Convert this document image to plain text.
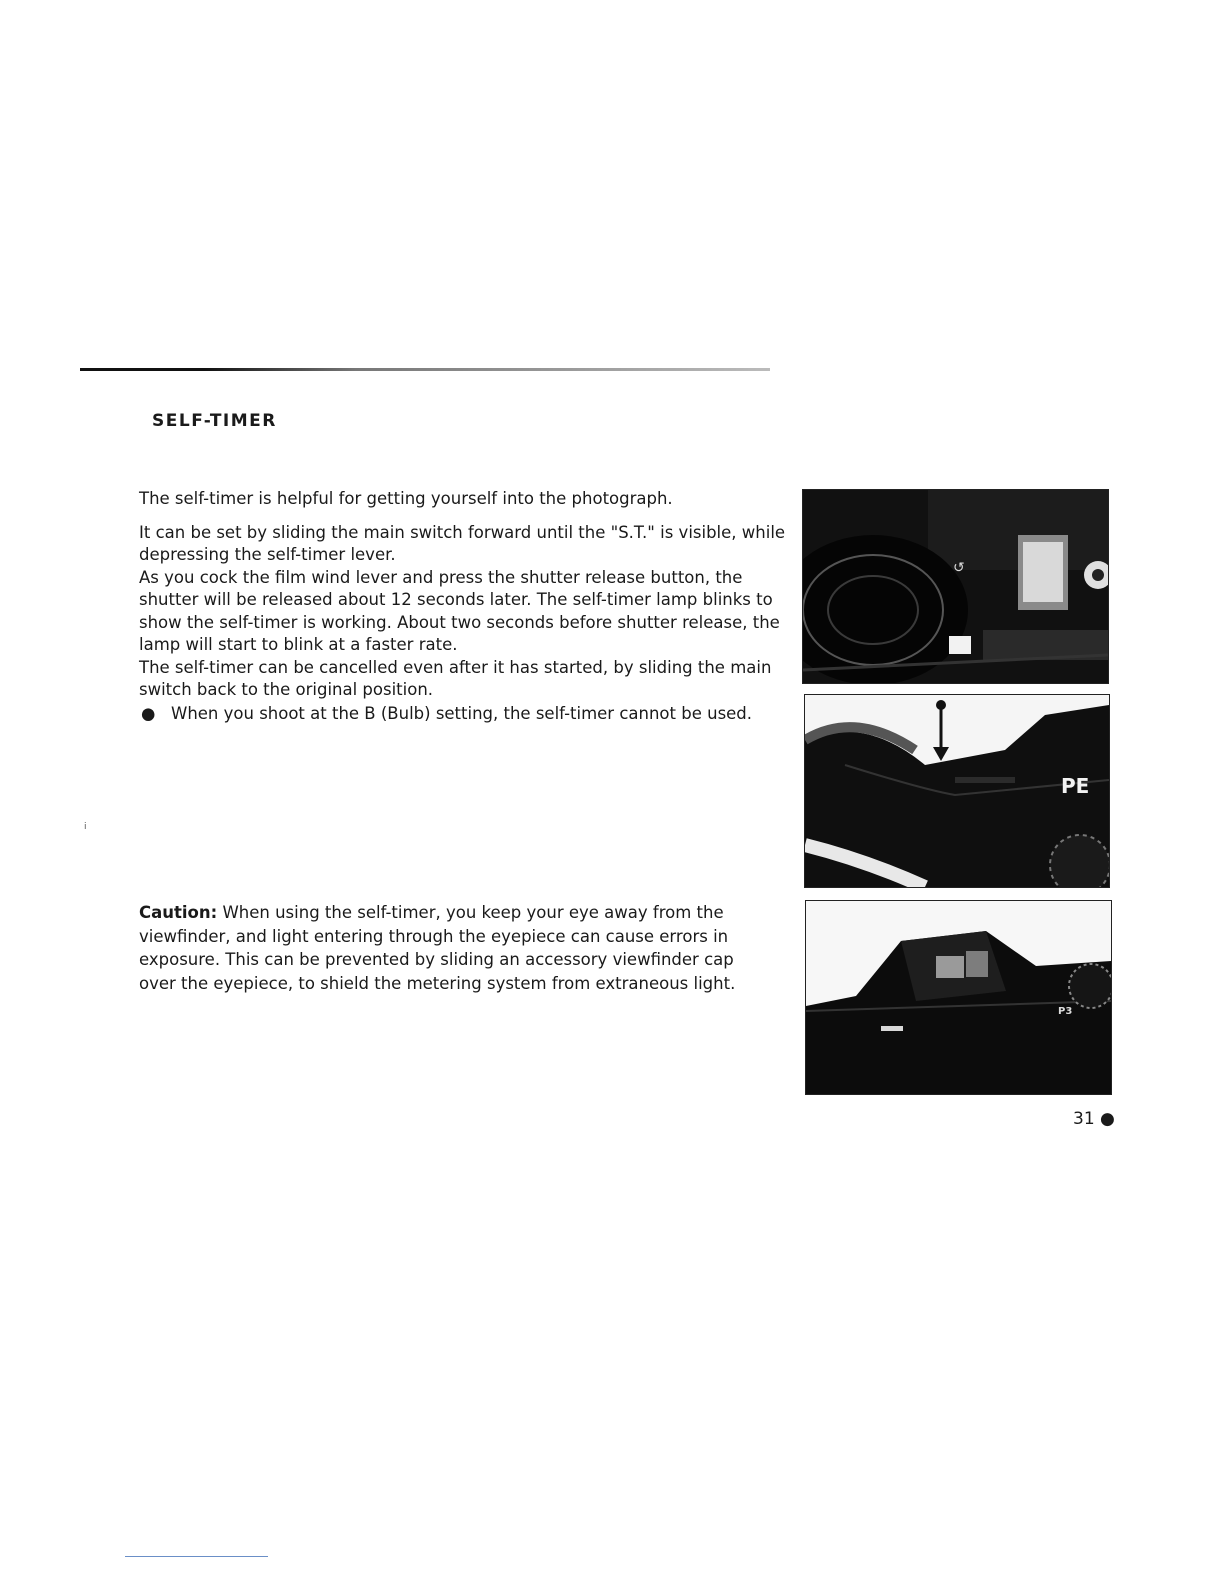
SELF-TIMER

The self-timer is helpful for getting yourself into the photograph.

It can be set by sliding the main switch forward until the "S.T." is visible, while depressing the self-timer lever.

As you cock the film wind lever and press the shutter release button, the shutter will be released about 12 seconds later. The self-timer lamp blinks to show the self-timer is working. About two seconds before shutter release, the lamp will start to blink at a faster rate.

The self-timer can be cancelled even after it has started, by sliding the main switch back to the original position.

● When you shoot at the B (Bulb) setting, the self-timer cannot be used.
i

Caution: When using the self-timer, you keep your eye away from the viewfinder, and light entering through the eyepiece can cause errors in exposure. This can be prevented by sliding an accessory viewfinder cap over the eyepiece, to shield the metering system from extraneous light.

↺
PE
P3

31 ●
